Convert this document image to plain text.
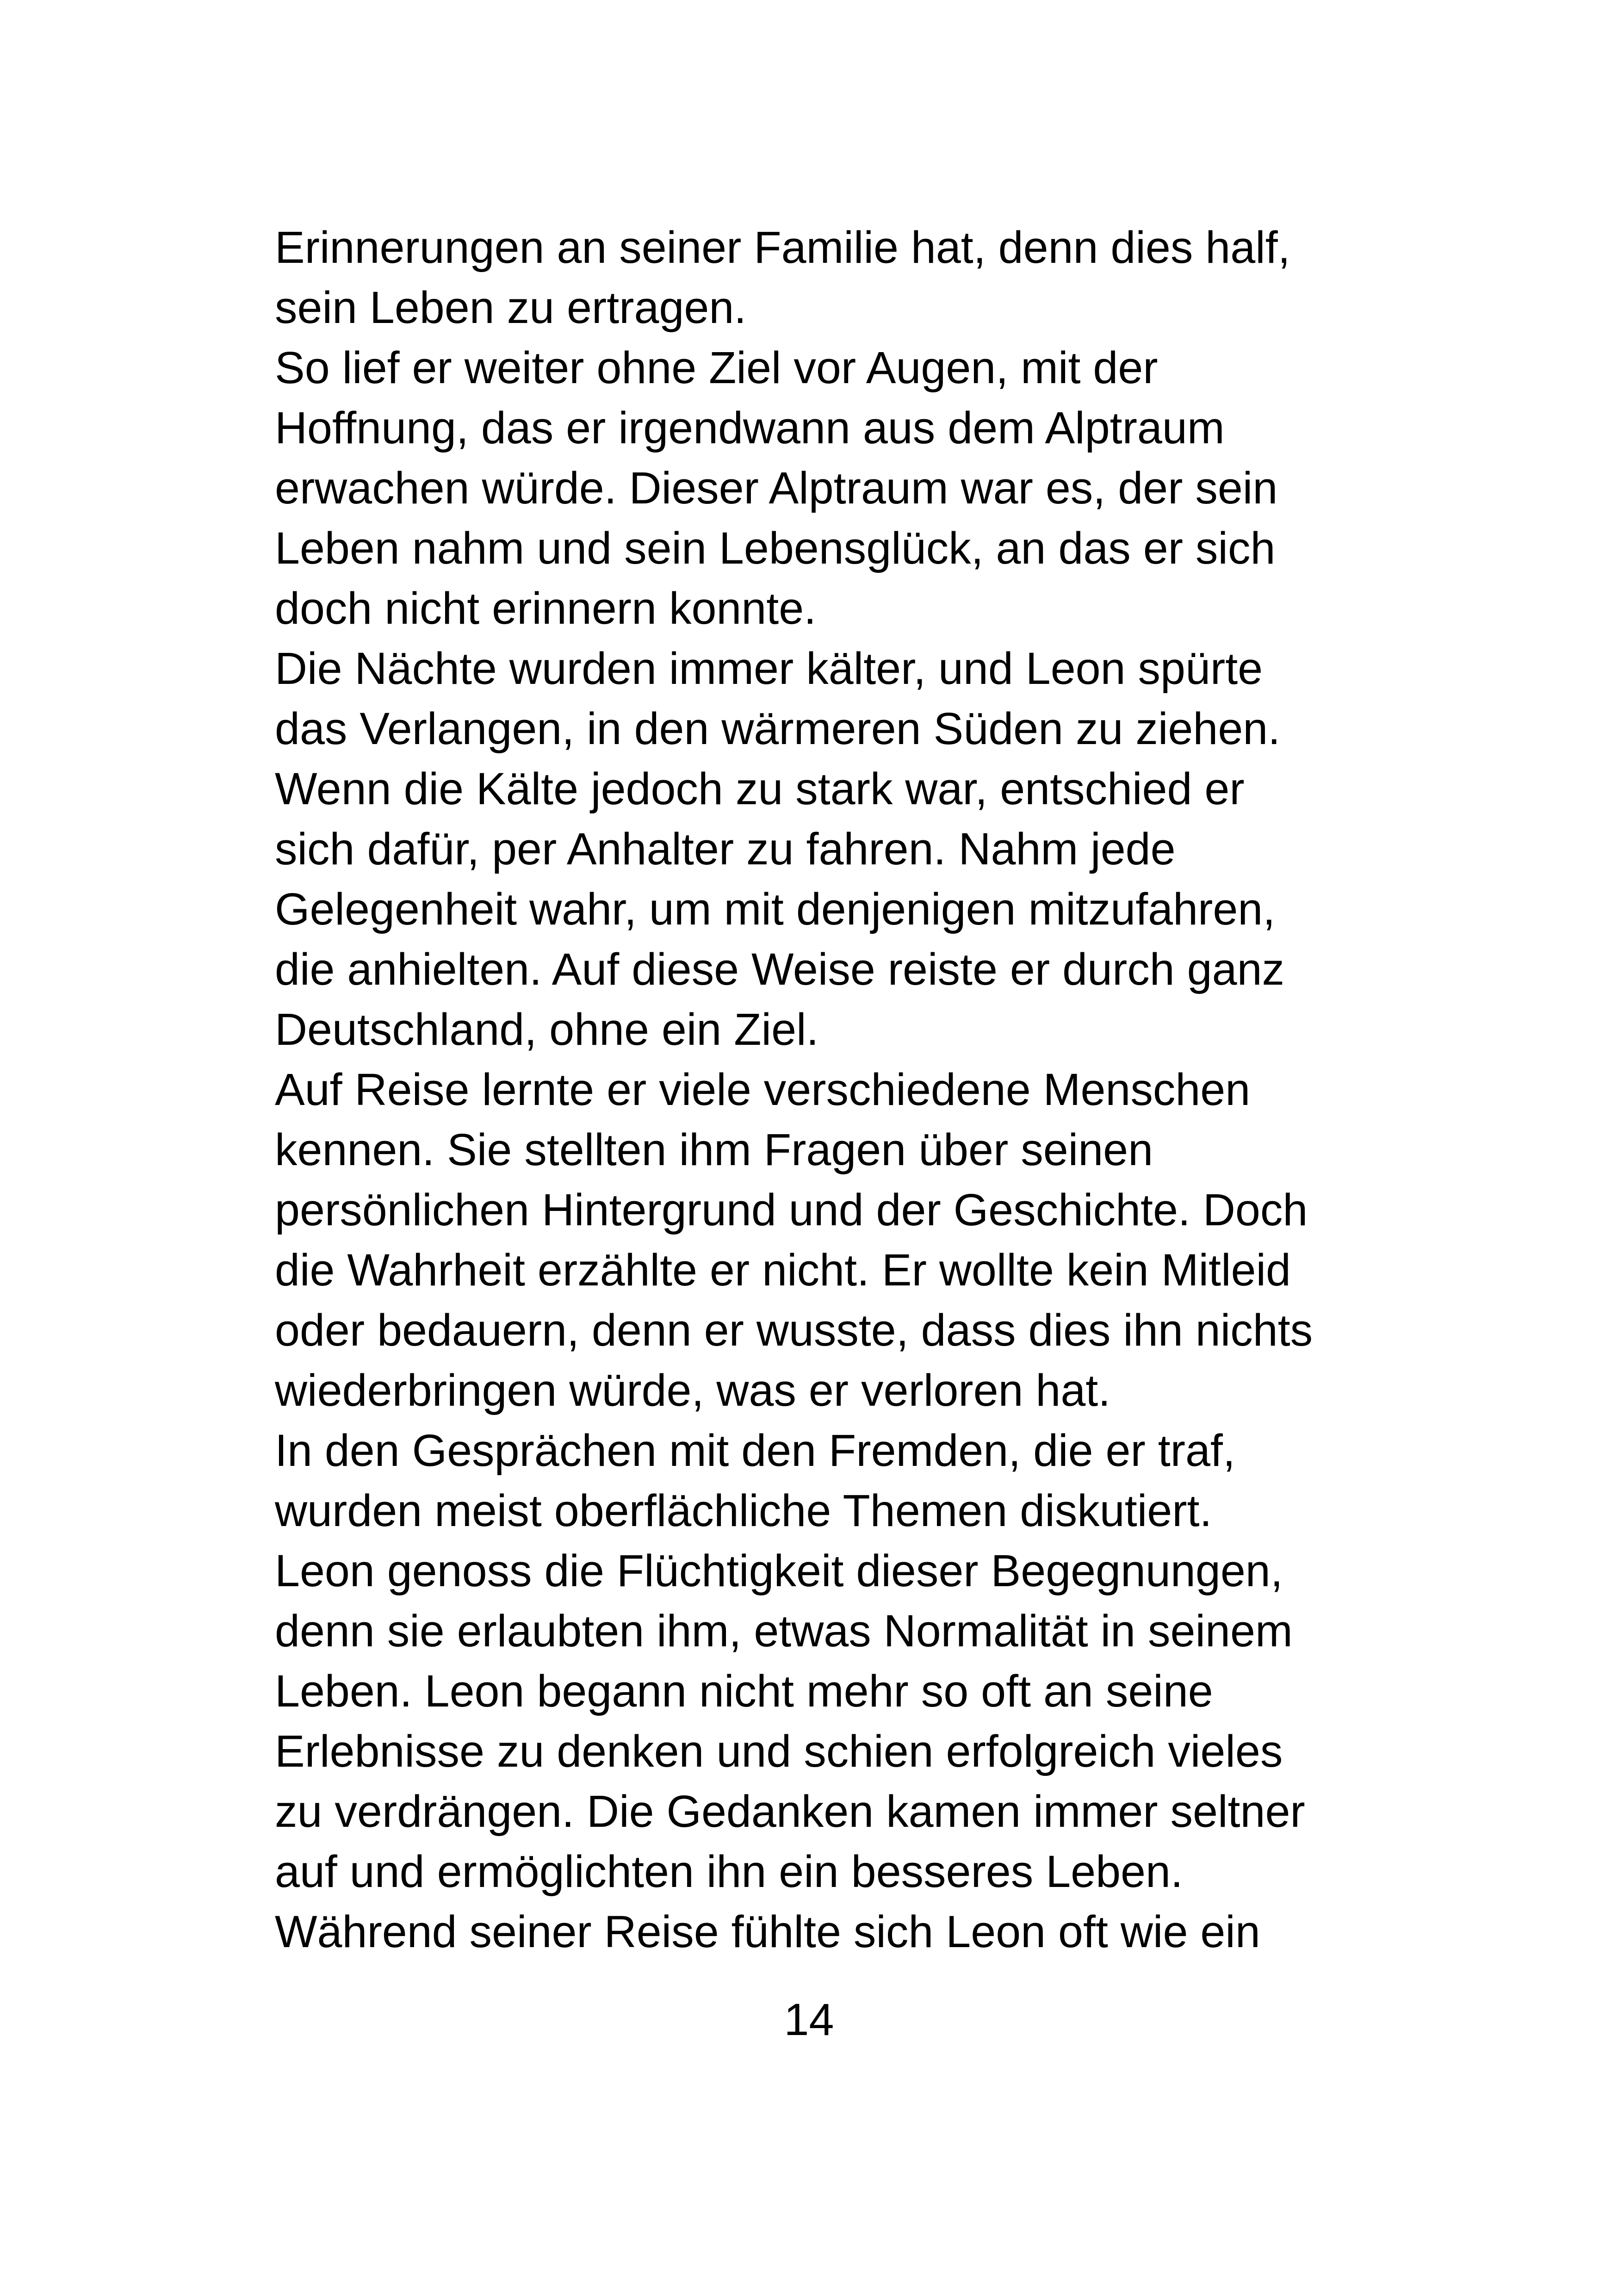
Erinnerungen an seiner Familie hat, denn dies half,
sein Leben zu ertragen.
So lief er weiter ohne Ziel vor Augen, mit der
Hoffnung, das er irgendwann aus dem Alptraum
erwachen würde. Dieser Alptraum war es, der sein
Leben nahm und sein Lebensglück, an das er sich
doch nicht erinnern konnte.
Die Nächte wurden immer kälter, und Leon spürte
das Verlangen, in den wärmeren Süden zu ziehen.
Wenn die Kälte jedoch zu stark war, entschied er
sich dafür, per Anhalter zu fahren. Nahm jede
Gelegenheit wahr, um mit denjenigen mitzufahren,
die anhielten. Auf diese Weise reiste er durch ganz
Deutschland, ohne ein Ziel.
Auf Reise lernte er viele verschiedene Menschen
kennen. Sie stellten ihm Fragen über seinen
persönlichen Hintergrund und der Geschichte. Doch
die Wahrheit erzählte er nicht. Er wollte kein Mitleid
oder bedauern, denn er wusste, dass dies ihn nichts
wiederbringen würde, was er verloren hat.
In den Gesprächen mit den Fremden, die er traf,
wurden meist oberflächliche Themen diskutiert.
Leon genoss die Flüchtigkeit dieser Begegnungen,
denn sie erlaubten ihm, etwas Normalität in seinem
Leben. Leon begann nicht mehr so oft an seine
Erlebnisse zu denken und schien erfolgreich vieles
zu verdrängen. Die Gedanken kamen immer seltner
auf und ermöglichten ihn ein besseres Leben.
Während seiner Reise fühlte sich Leon oft wie ein
14
